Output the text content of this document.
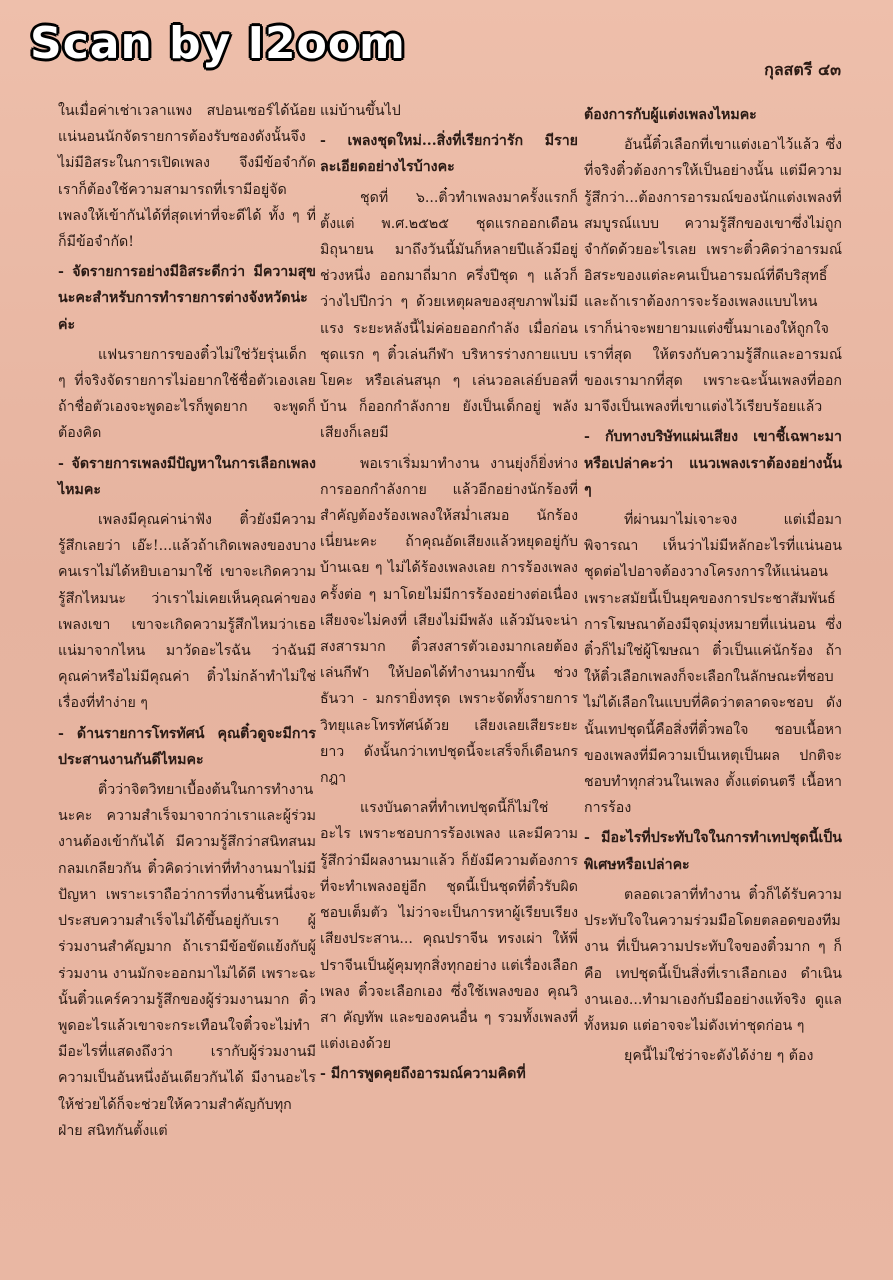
Scan by I2oom
กุลสตรี ๔๓

ในเมื่อค่าเช่าเวลาแพง สปอนเซอร์ได้น้อย แน่นอนนักจัดรายการต้องรับซองดังนั้นจึงไม่มีอิสระในการเปิดเพลง จึงมีข้อจำกัด เราก็ต้องใช้ความสามารถที่เรามีอยู่จัดเพลงให้เข้ากันได้ที่สุดเท่าที่จะดีได้ ทั้ง ๆ ที่ก็มีข้อจำกัด!

- จัดรายการอย่างมีอิสระดีกว่า มีความสุขนะคะสำหรับการทำรายการต่างจังหวัดน่ะค่ะ

แฟนรายการของติ๋วไม่ใช่วัยรุ่นเด็ก ๆ ที่จริงจัดรายการไม่อยากใช้ชื่อตัวเองเลย ถ้าชื่อตัวเองจะพูดอะไรก็พูดยาก จะพูดก็ต้องคิด

- จัดรายการเพลงมีปัญหาในการเลือกเพลงไหมคะ

เพลงมีคุณค่าน่าฟัง ติ๋วยังมีความรู้สึกเลยว่า เอ๊ะ!...แล้วถ้าเกิดเพลงของบางคนเราไม่ได้หยิบเอามาใช้ เขาจะเกิดความรู้สึกไหมนะ ว่าเราไม่เคยเห็นคุณค่าของเพลงเขา เขาจะเกิดความรู้สึกไหมว่าเธอแน่มาจากไหน มาวัดอะไรฉัน ว่าฉันมีคุณค่าหรือไม่มีคุณค่า ติ๋วไม่กล้าทำไม่ใช่เรื่องที่ทำง่าย ๆ

- ด้านรายการโทรทัศน์ คุณติ๋วดูจะมีการประสานงานกันดีไหมคะ

ติ๋วว่าจิตวิทยาเบื้องต้นในการทำงานนะคะ ความสำเร็จมาจากว่าเราและผู้ร่วมงานต้องเข้ากันได้ มีความรู้สึกว่าสนิทสนมกลมเกลียวกัน ติ๋วคิดว่าเท่าที่ทำงานมาไม่มีปัญหา เพราะเราถือว่าการที่งานชิ้นหนึ่งจะประสบความสำเร็จไม่ได้ขึ้นอยู่กับเรา ผู้ร่วมงานสำคัญมาก ถ้าเรามีข้อขัดแย้งกับผู้ร่วมงาน งานมักจะออกมาไม่ได้ดี เพราะฉะนั้นติ๋วแคร์ความรู้สึกของผู้ร่วมงานมาก ติ๋วพูดอะไรแล้วเขาจะกระเทือนใจติ๋วจะไม่ทำ มีอะไรที่แสดงถึงว่า เรากับผู้ร่วมงานมีความเป็นอันหนึ่งอันเดียวกันได้ มีงานอะไรให้ช่วยได้ก็จะช่วยให้ความสำคัญกับทุกฝ่าย สนิทกันตั้งแต่

แม่บ้านขึ้นไป

- เพลงชุดใหม่...สิ่งที่เรียกว่ารัก มีรายละเอียดอย่างไรบ้างคะ

ชุดที่ ๖...ติ๋วทำเพลงมาครั้งแรกก็ตั้งแต่ พ.ศ.๒๕๒๕ ชุดแรกออกเดือนมิถุนายน มาถึงวันนี้มันก็หลายปีแล้วมีอยู่ช่วงหนึ่ง ออกมาถี่มาก ครึ่งปีชุด ๆ แล้วก็ว่างไปปีกว่า ๆ ด้วยเหตุผลของสุขภาพไม่มีแรง ระยะหลังนี้ไม่ค่อยออกกำลัง เมื่อก่อนชุดแรก ๆ ติ๋วเล่นกีฬา บริหารร่างกายแบบโยคะ หรือเล่นสนุก ๆ เล่นวอลเล่ย์บอลที่บ้าน ก็ออกกำลังกาย ยังเป็นเด็กอยู่ พลังเสียงก็เลยมี

พอเราเริ่มมาทำงาน งานยุ่งก็ยิ่งห่างการออกกำลังกาย แล้วอีกอย่างนักร้องที่สำคัญต้องร้องเพลงให้สม่ำเสมอ นักร้องเนี่ยนะคะ ถ้าคุณอัดเสียงแล้วหยุดอยู่กับบ้านเฉย ๆ ไม่ได้ร้องเพลงเลย การร้องเพลงครั้งต่อ ๆ มาโดยไม่มีการร้องอย่างต่อเนื่อง เสียงจะไม่คงที่ เสียงไม่มีพลัง แล้วมันจะน่าสงสารมาก ติ๋วสงสารตัวเองมากเลยต้องเล่นกีฬา ให้ปอดได้ทำงานมากขึ้น ช่วงธันวา - มกรายิ่งทรุด เพราะจัดทั้งรายการวิทยุและโทรทัศน์ด้วย เสียงเลยเสียระยะยาว ดังนั้นกว่าเทปชุดนี้จะเสร็จก็เดือนกรกฎา

แรงบันดาลที่ทำเทปชุดนี้ก็ไม่ใช่อะไร เพราะชอบการร้องเพลง และมีความรู้สึกว่ามีผลงานมาแล้ว ก็ยังมีความต้องการที่จะทำเพลงอยู่อีก ชุดนี้เป็นชุดที่ติ๋วรับผิดชอบเต็มตัว ไม่ว่าจะเป็นการหาผู้เรียบเรียงเสียงประสาน... คุณปราจีน ทรงเผ่า ให้พี่ปราจีนเป็นผู้คุมทุกสิ่งทุกอย่าง แต่เรื่องเลือกเพลง ติ๋วจะเลือกเอง ซึ่งใช้เพลงของ คุณวิสา คัญทัพ และของคนอื่น ๆ รวมทั้งเพลงที่แต่งเองด้วย

- มีการพูดคุยถึงอารมณ์ความคิดที่

ต้องการกับผู้แต่งเพลงไหมคะ

อันนี้ติ๋วเลือกที่เขาแต่งเอาไว้แล้ว ซึ่งที่จริงติ๋วต้องการให้เป็นอย่างนั้น แต่มีความรู้สึกว่า...ต้องการอารมณ์ของนักแต่งเพลงที่สมบูรณ์แบบ ความรู้สึกของเขาซึ่งไม่ถูกจำกัดด้วยอะไรเลย เพราะติ๋วคิดว่าอารมณ์อิสระของแต่ละคนเป็นอารมณ์ที่ดีบริสุทธิ์ และถ้าเราต้องการจะร้องเพลงแบบไหน เราก็น่าจะพยายามแต่งขึ้นมาเองให้ถูกใจเราที่สุด ให้ตรงกับความรู้สึกและอารมณ์ของเรามากที่สุด เพราะฉะนั้นเพลงที่ออกมาจึงเป็นเพลงที่เขาแต่งไว้เรียบร้อยแล้ว

- กับทางบริษัทแผ่นเสียง เขาชี้เฉพาะมาหรือเปล่าคะว่า แนวเพลงเราต้องอย่างนั้น ๆ

ที่ผ่านมาไม่เจาะจง แต่เมื่อมาพิจารณา เห็นว่าไม่มีหลักอะไรที่แน่นอน ชุดต่อไปอาจต้องวางโครงการให้แน่นอน เพราะสมัยนี้เป็นยุคของการประชาสัมพันธ์ การโฆษณาต้องมีจุดมุ่งหมายที่แน่นอน ซึ่งติ๋วก็ไม่ใช่ผู้โฆษณา ติ๋วเป็นแค่นักร้อง ถ้าให้ติ๋วเลือกเพลงก็จะเลือกในลักษณะที่ชอบ ไม่ได้เลือกในแบบที่คิดว่าตลาดจะชอบ ดังนั้นเทปชุดนี้คือสิ่งที่ติ๋วพอใจ ชอบเนื้อหาของเพลงที่มีความเป็นเหตุเป็นผล ปกติจะชอบทำทุกส่วนในเพลง ตั้งแต่ดนตรี เนื้อหา การร้อง

- มีอะไรที่ประทับใจในการทำเทปชุดนี้เป็นพิเศษหรือเปล่าคะ

ตลอดเวลาที่ทำงาน ติ๋วก็ได้รับความประทับใจในความร่วมมือโดยตลอดของทีมงาน ที่เป็นความประทับใจของติ๋วมาก ๆ ก็คือ เทปชุดนี้เป็นสิ่งที่เราเลือกเอง ดำเนินงานเอง...ทำมาเองกับมืออย่างแท้จริง ดูแลทั้งหมด แต่อาจจะไม่ดังเท่าชุดก่อน ๆ

ยุคนี้ไม่ใช่ว่าจะดังได้ง่าย ๆ ต้อง
